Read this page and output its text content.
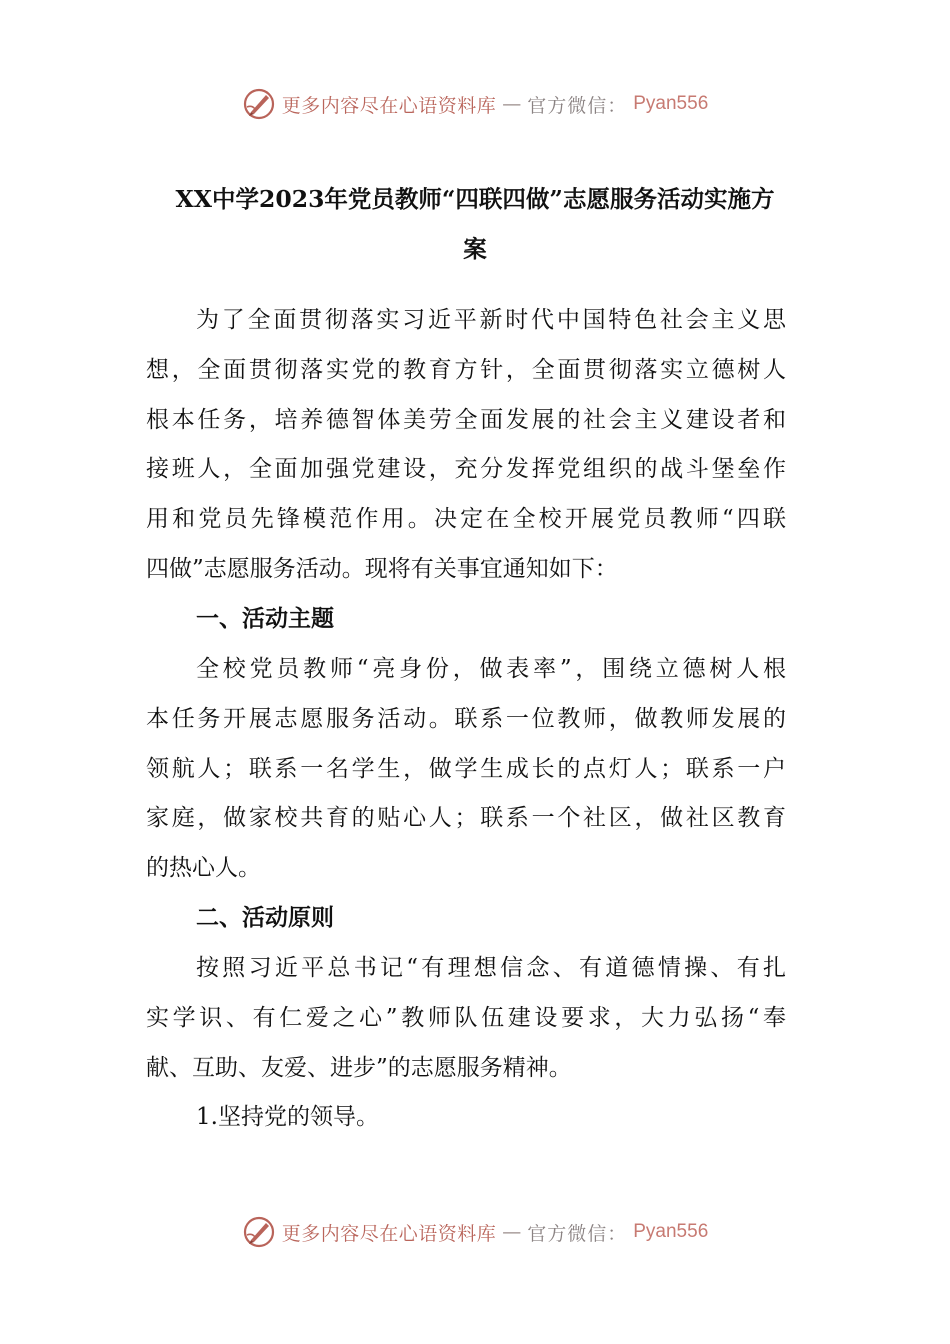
更多内容尽在心语资料库 — 官方微信： Pyan556
XX中学2023年党员教师“四联四做”志愿服务活动实施方
案
为了全面贯彻落实习近平新时代中国特色社会主义思
想，全面贯彻落实党的教育方针，全面贯彻落实立德树人
根本任务，培养德智体美劳全面发展的社会主义建设者和
接班人，全面加强党建设，充分发挥党组织的战斗堡垒作
用和党员先锋模范作用。决定在全校开展党员教师“四联
四做”志愿服务活动。现将有关事宜通知如下：
一、活动主题
全校党员教师“亮身份，做表率”，围绕立德树人根
本任务开展志愿服务活动。联系一位教师，做教师发展的
领航人；联系一名学生，做学生成长的点灯人；联系一户
家庭，做家校共育的贴心人；联系一个社区，做社区教育
的热心人。
二、活动原则
按照习近平总书记“有理想信念、有道德情操、有扎
实学识、有仁爱之心”教师队伍建设要求，大力弘扬“奉
献、互助、友爱、进步”的志愿服务精神。
1.坚持党的领导。
更多内容尽在心语资料库 — 官方微信： Pyan556
